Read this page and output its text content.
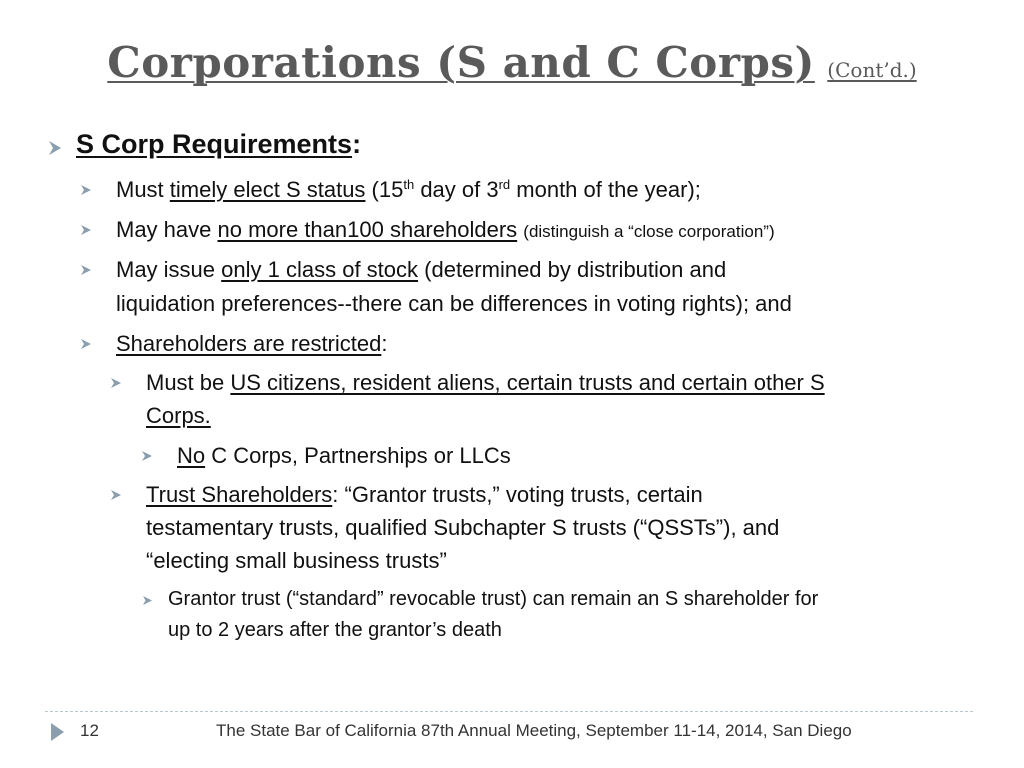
Corporations (S and C Corps) (Cont’d.)
S Corp Requirements:
Must timely elect S status (15th day of 3rd month of the year);
May have no more than100 shareholders (distinguish a “close corporation”)
May issue only 1 class of stock (determined by distribution and
liquidation preferences--there can be differences in voting rights); and
Shareholders are restricted:
Must be US citizens, resident aliens, certain trusts and certain other S
Corps.
No C Corps, Partnerships or LLCs
Trust Shareholders: “Grantor trusts,” voting trusts, certain
testamentary trusts, qualified Subchapter S trusts (“QSSTs”), and
“electing small business trusts”
Grantor trust (“standard” revocable trust) can remain an S shareholder for
up to 2 years after the grantor’s death
12	The State Bar of California 87th Annual Meeting, September 11-14, 2014, San Diego
